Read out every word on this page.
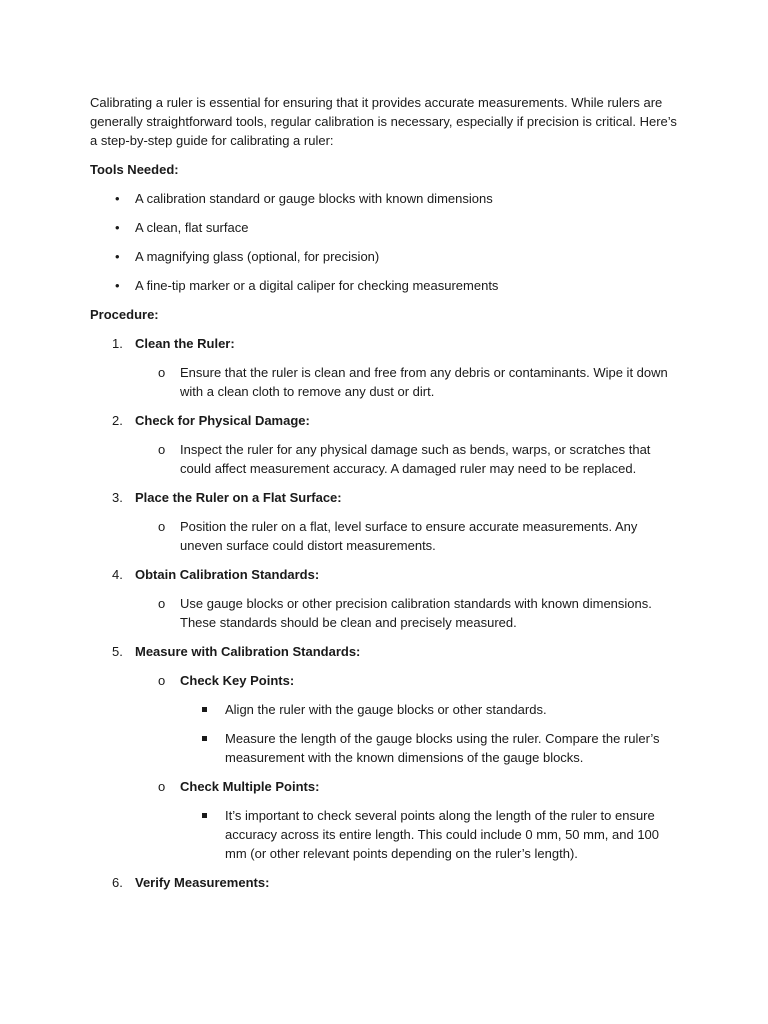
Calibrating a ruler is essential for ensuring that it provides accurate measurements. While rulers are generally straightforward tools, regular calibration is necessary, especially if precision is critical. Here’s a step-by-step guide for calibrating a ruler:

Tools Needed:

• A calibration standard or gauge blocks with known dimensions
• A clean, flat surface
• A magnifying glass (optional, for precision)
• A fine-tip marker or a digital caliper for checking measurements

Procedure:

1. Clean the Ruler:
o Ensure that the ruler is clean and free from any debris or contaminants. Wipe it down with a clean cloth to remove any dust or dirt.
2. Check for Physical Damage:
o Inspect the ruler for any physical damage such as bends, warps, or scratches that could affect measurement accuracy. A damaged ruler may need to be replaced.
3. Place the Ruler on a Flat Surface:
o Position the ruler on a flat, level surface to ensure accurate measurements. Any uneven surface could distort measurements.
4. Obtain Calibration Standards:
o Use gauge blocks or other precision calibration standards with known dimensions. These standards should be clean and precisely measured.
5. Measure with Calibration Standards:
o Check Key Points:
Align the ruler with the gauge blocks or other standards.
Measure the length of the gauge blocks using the ruler. Compare the ruler’s measurement with the known dimensions of the gauge blocks.
o Check Multiple Points:
It’s important to check several points along the length of the ruler to ensure accuracy across its entire length. This could include 0 mm, 50 mm, and 100 mm (or other relevant points depending on the ruler’s length).
6. Verify Measurements:
